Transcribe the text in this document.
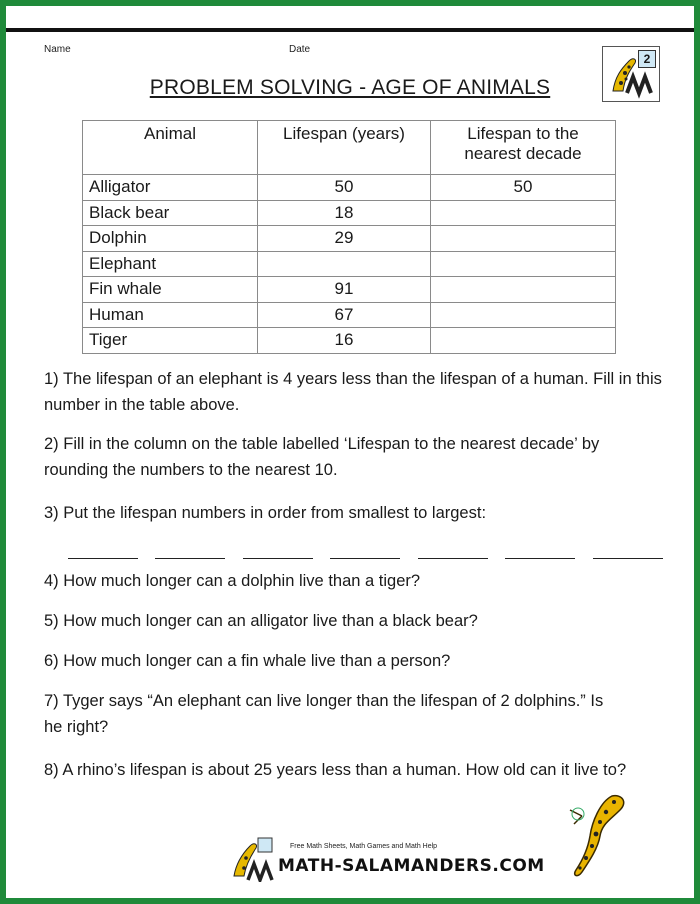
Name	Date
2
PROBLEM SOLVING - AGE OF ANIMALS
Animal	Lifespan (years)	Lifespan to the nearest decade
Alligator	50	50
Black bear	18	
Dolphin	29	
Elephant		
Fin whale	91	
Human	67	
Tiger	16	
1) The lifespan of an elephant is 4 years less than the lifespan of a human. Fill in this number in the table above.
2) Fill in the column on the table labelled ‘Lifespan to the nearest decade’ by rounding the numbers to the nearest 10.
3) Put the lifespan numbers in order from smallest to largest:

4) How much longer can a dolphin live than a tiger?
5) How much longer can an alligator live than a black bear?
6) How much longer can a fin whale live than a person?
7) Tyger says “An elephant can live longer than the lifespan of 2 dolphins.” Is he right?
8) A rhino’s lifespan is about 25 years less than a human. How old can it live to?
Free Math Sheets, Math Games and Math Help
MATH-SALAMANDERS.COM
